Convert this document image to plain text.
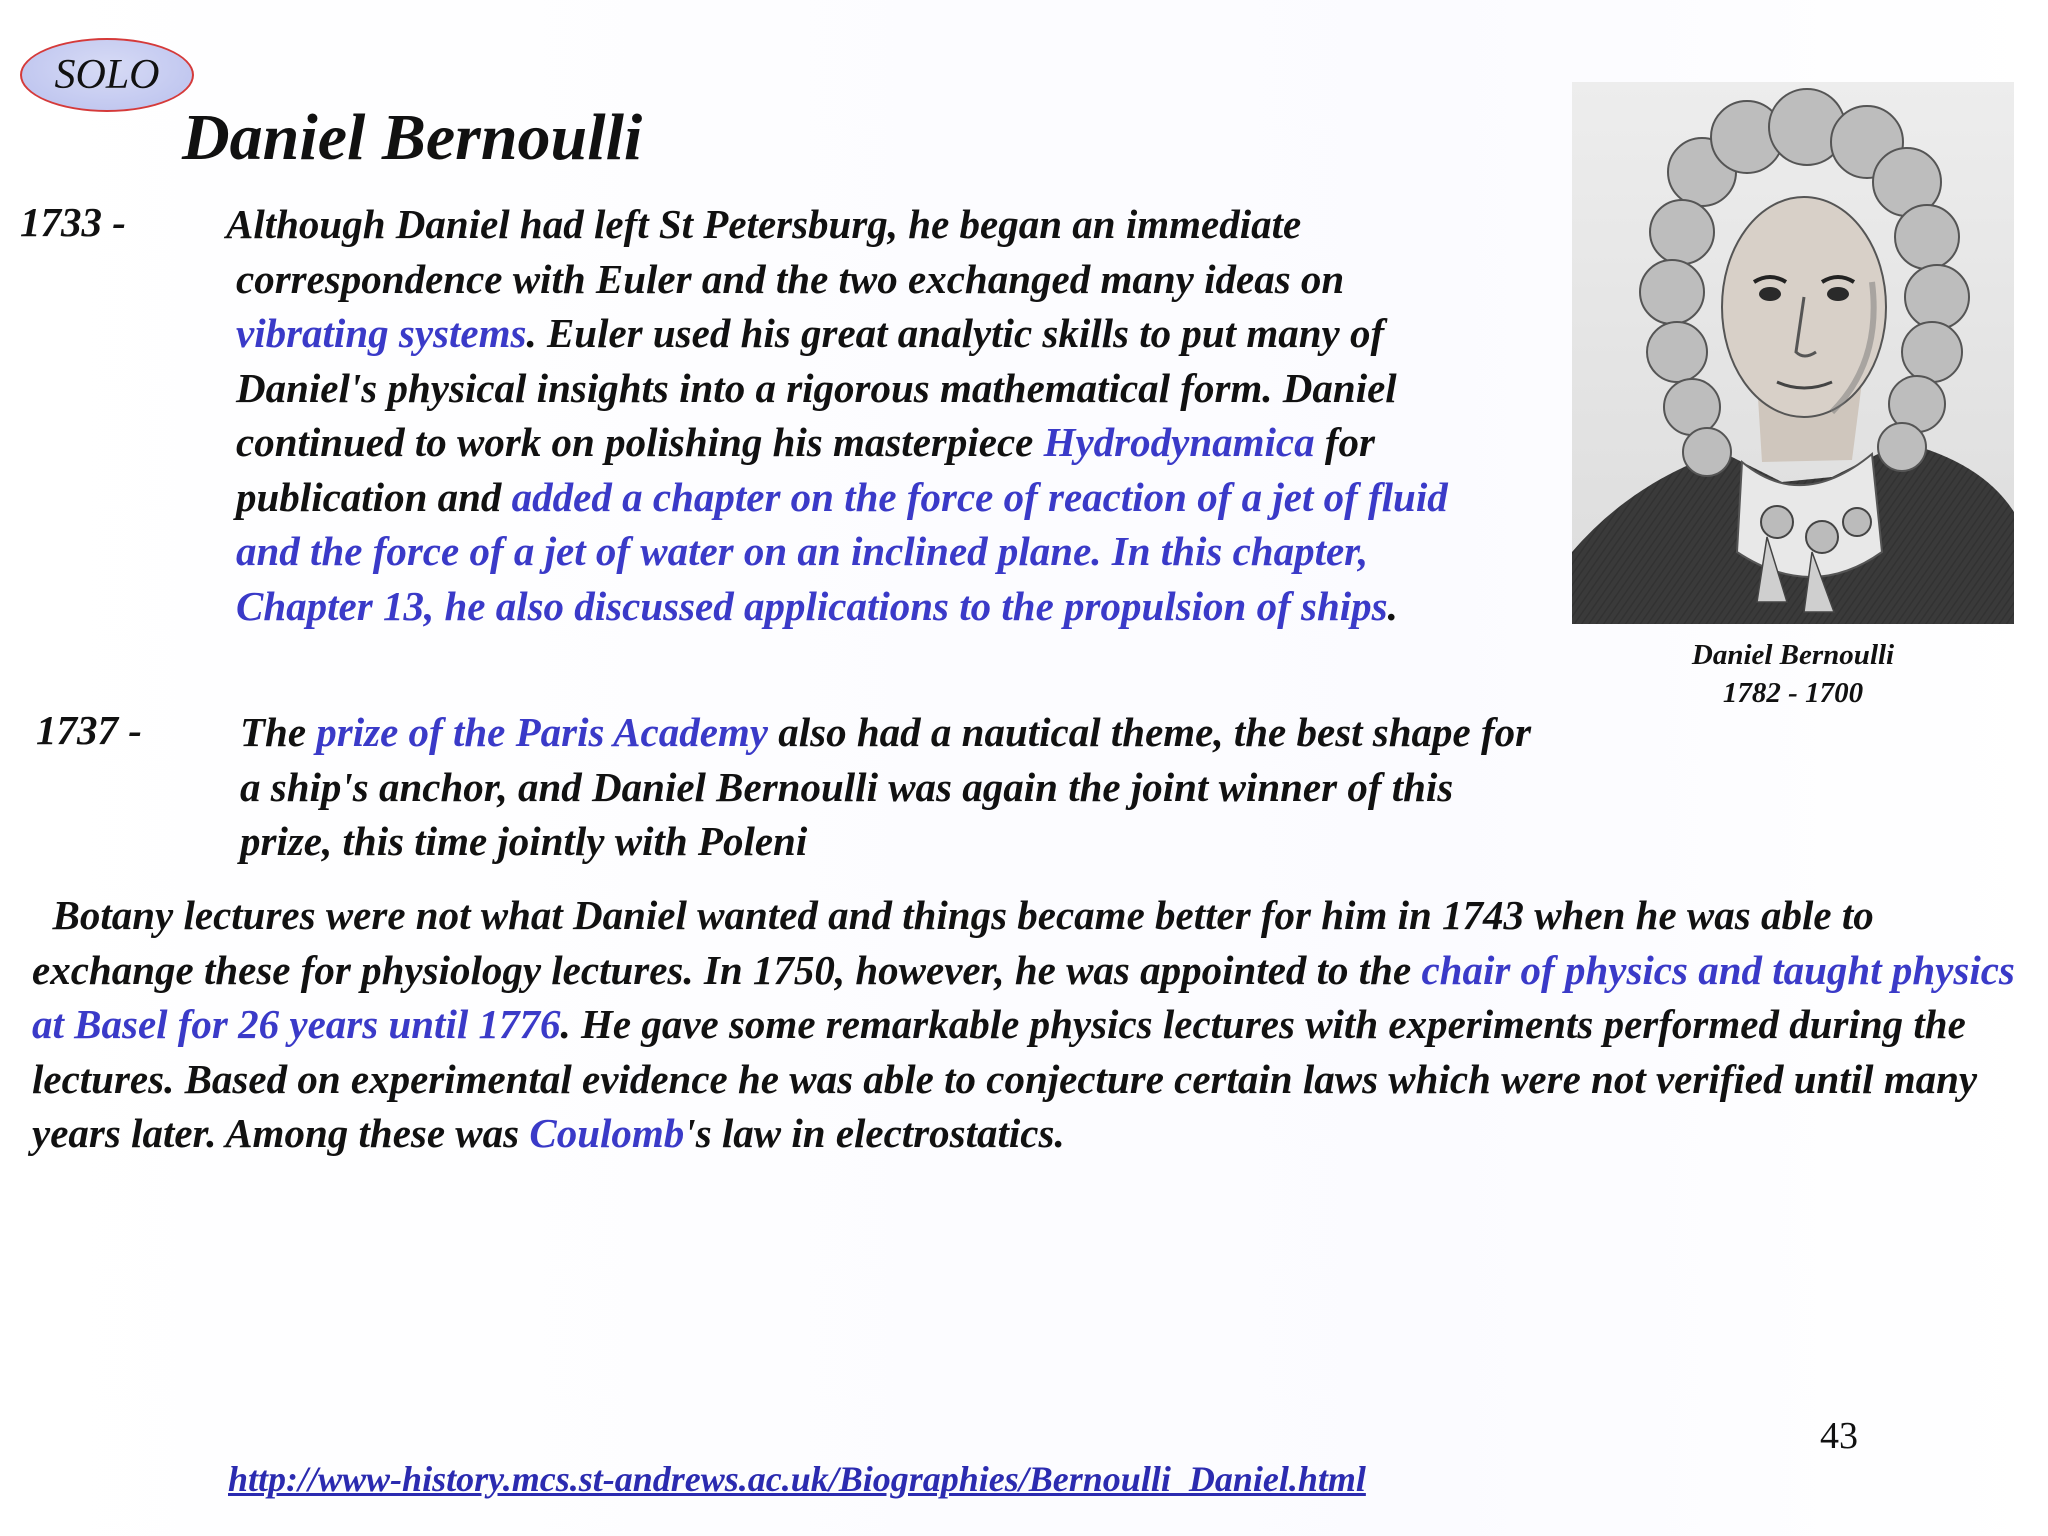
SOLO
Daniel Bernoulli
1733 - Although Daniel had left St Petersburg, he began an immediate correspondence with Euler and the two exchanged many ideas on vibrating systems. Euler used his great analytic skills to put many of Daniel's physical insights into a rigorous mathematical form. Daniel continued to work on polishing his masterpiece Hydrodynamica for publication and added a chapter on the force of reaction of a jet of fluid and the force of a jet of water on an inclined plane. In this chapter, Chapter 13, he also discussed applications to the propulsion of ships.

1737 - The prize of the Paris Academy also had a nautical theme, the best shape for a ship's anchor, and Daniel Bernoulli was again the joint winner of this prize, this time jointly with Poleni

Botany lectures were not what Daniel wanted and things became better for him in 1743 when he was able to exchange these for physiology lectures. In 1750, however, he was appointed to the chair of physics and taught physics at Basel for 26 years until 1776. He gave some remarkable physics lectures with experiments performed during the lectures. Based on experimental evidence he was able to conjecture certain laws which were not verified until many years later. Among these was Coulomb's law in electrostatics.

Daniel Bernoulli
1782 - 1700
43
http://www-history.mcs.st-andrews.ac.uk/Biographies/Bernoulli_Daniel.html
